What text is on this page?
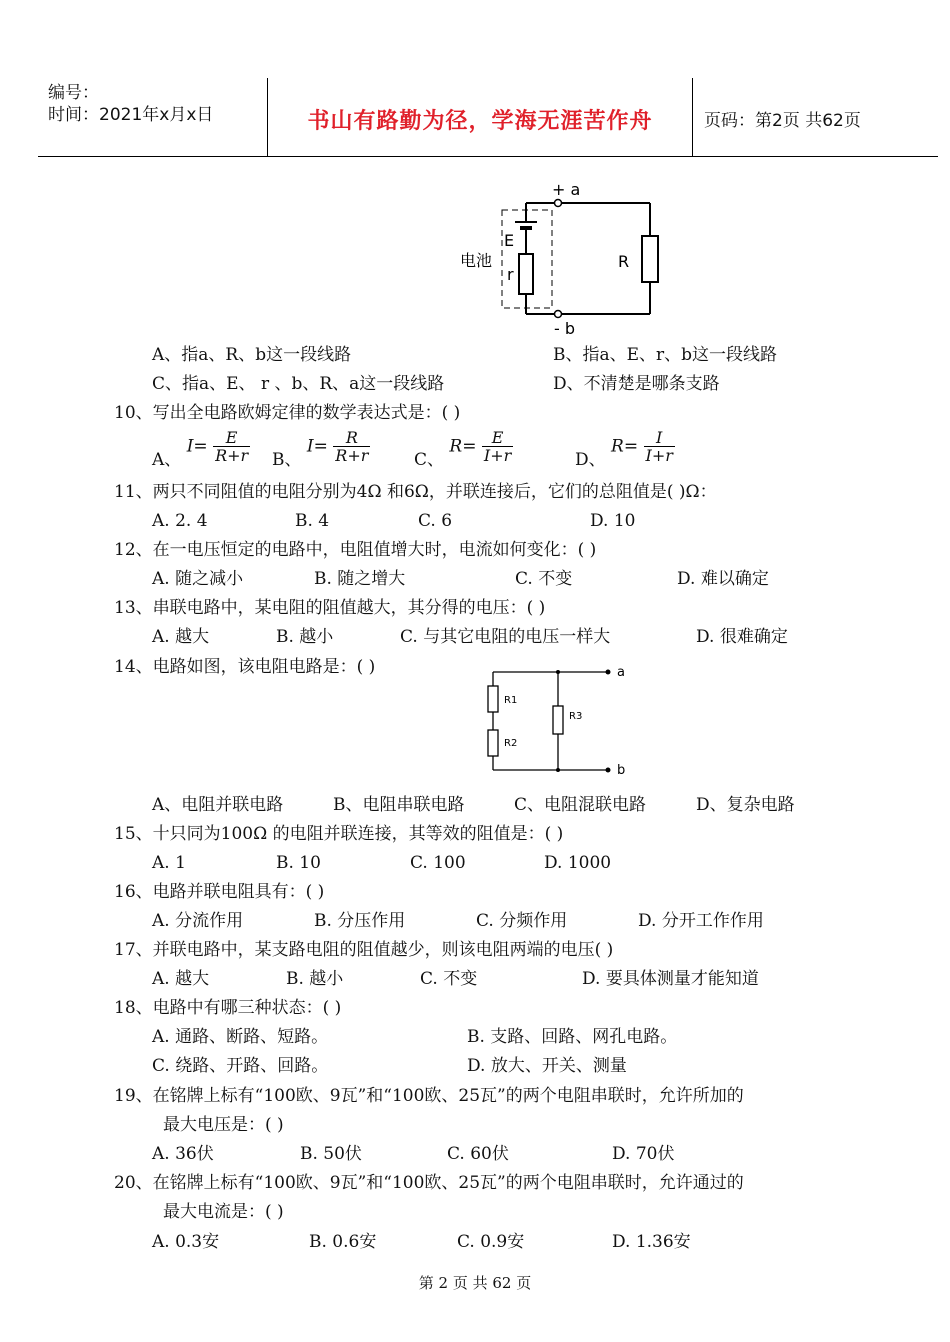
编号：
时间：2021年x月x日	书山有路勤为径，学海无涯苦作舟	页码：第2页 共62页
+ a
- b
E
r
R
电池
A、指a、R、b这一段线路	B、指a、E、r、b这一段线路
C、指a、E、 r 、b、R、a这一段线路	D、不清楚是哪条支路
10、写出全电路欧姆定律的数学表达式是：( )
A、 $I= \frac{E}{R+r}$ B、 $I= \frac{R}{R+r}$	C、 $R= \frac{E}{I+r}$	D、 $R= \frac{I}{I+r}$
11、两只不同阻值的电阻分别为4Ω 和6Ω，并联连接后，它们的总阻值是( )Ω：
A. 2. 4	B. 4	C. 6	D. 10
12、在一电压恒定的电路中，电阻值增大时，电流如何变化：( )
A. 随之减小	B. 随之增大	C. 不变	D. 难以确定
13、串联电路中，某电阻的阻值越大，其分得的电压：( )
A. 越大	B. 越小	C. 与其它电阻的电压一样大	D. 很难确定
14、电路如图，该电阻电路是：( )	a
b
R1
R2
R3
A、电阻并联电路	B、电阻串联电路	C、电阻混联电路	D、复杂电路
15、十只同为100Ω 的电阻并联连接，其等效的阻值是：( )
A. 1	B. 10	C. 100	D. 1000
16、电路并联电阻具有：( )
A. 分流作用	B. 分压作用	C. 分频作用	D. 分开工作作用
17、并联电路中，某支路电阻的阻值越少，则该电阻两端的电压( )
A. 越大	B. 越小	C. 不变	D. 要具体测量才能知道
18、电路中有哪三种状态：( )
A. 通路、断路、短路。	B. 支路、回路、网孔电路。
C. 绕路、开路、回路。	D. 放大、开关、测量
19、在铭牌上标有“100欧、9瓦”和“100欧、25瓦”的两个电阻串联时，允许所加的
最大电压是：( )
A. 36伏	B. 50伏	C. 60伏	D. 70伏
20、在铭牌上标有“100欧、9瓦”和“100欧、25瓦”的两个电阻串联时，允许通过的
最大电流是：( )
A. 0.3安	B. 0.6安	C. 0.9安	D. 1.36安
第 2 页 共 62 页
